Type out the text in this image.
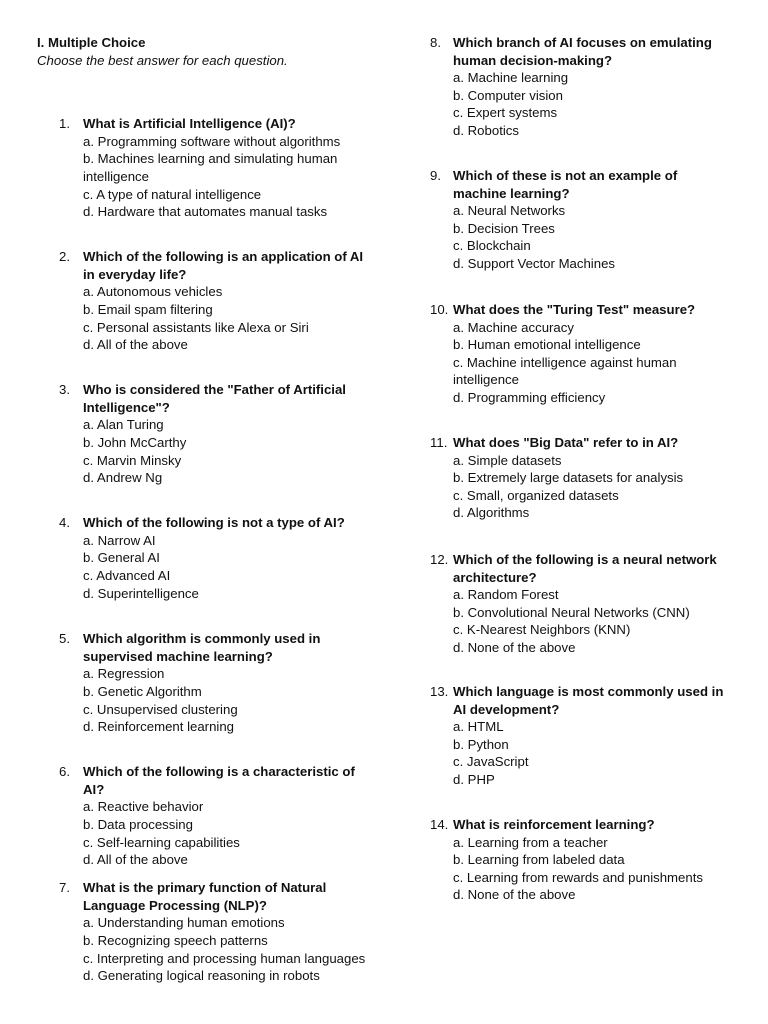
I. Multiple Choice

Choose the best answer for each question.

1. What is Artificial Intelligence (AI)?
a. Programming software without algorithms
b. Machines learning and simulating human intelligence
c. A type of natural intelligence
d. Hardware that automates manual tasks
2. Which of the following is an application of AI in everyday life?
a. Autonomous vehicles
b. Email spam filtering
c. Personal assistants like Alexa or Siri
d. All of the above
3. Who is considered the "Father of Artificial Intelligence"?
a. Alan Turing
b. John McCarthy
c. Marvin Minsky
d. Andrew Ng
4. Which of the following is not a type of AI?
a. Narrow AI
b. General AI
c. Advanced AI
d. Superintelligence
5. Which algorithm is commonly used in supervised machine learning?
a. Regression
b. Genetic Algorithm
c. Unsupervised clustering
d. Reinforcement learning
6. Which of the following is a characteristic of AI?
a. Reactive behavior
b. Data processing
c. Self-learning capabilities
d. All of the above
7. What is the primary function of Natural Language Processing (NLP)?
a. Understanding human emotions
b. Recognizing speech patterns
c. Interpreting and processing human languages
d. Generating logical reasoning in robots
8. Which branch of AI focuses on emulating human decision-making?
a. Machine learning
b. Computer vision
c. Expert systems
d. Robotics
9. Which of these is not an example of machine learning?
a. Neural Networks
b. Decision Trees
c. Blockchain
d. Support Vector Machines
10. What does the "Turing Test" measure?
a. Machine accuracy
b. Human emotional intelligence
c. Machine intelligence against human intelligence
d. Programming efficiency
11. What does "Big Data" refer to in AI?
a. Simple datasets
b. Extremely large datasets for analysis
c. Small, organized datasets
d. Algorithms
12. Which of the following is a neural network architecture?
a. Random Forest
b. Convolutional Neural Networks (CNN)
c. K-Nearest Neighbors (KNN)
d. None of the above
13. Which language is most commonly used in AI development?
a. HTML
b. Python
c. JavaScript
d. PHP
14. What is reinforcement learning?
a. Learning from a teacher
b. Learning from labeled data
c. Learning from rewards and punishments
d. None of the above
